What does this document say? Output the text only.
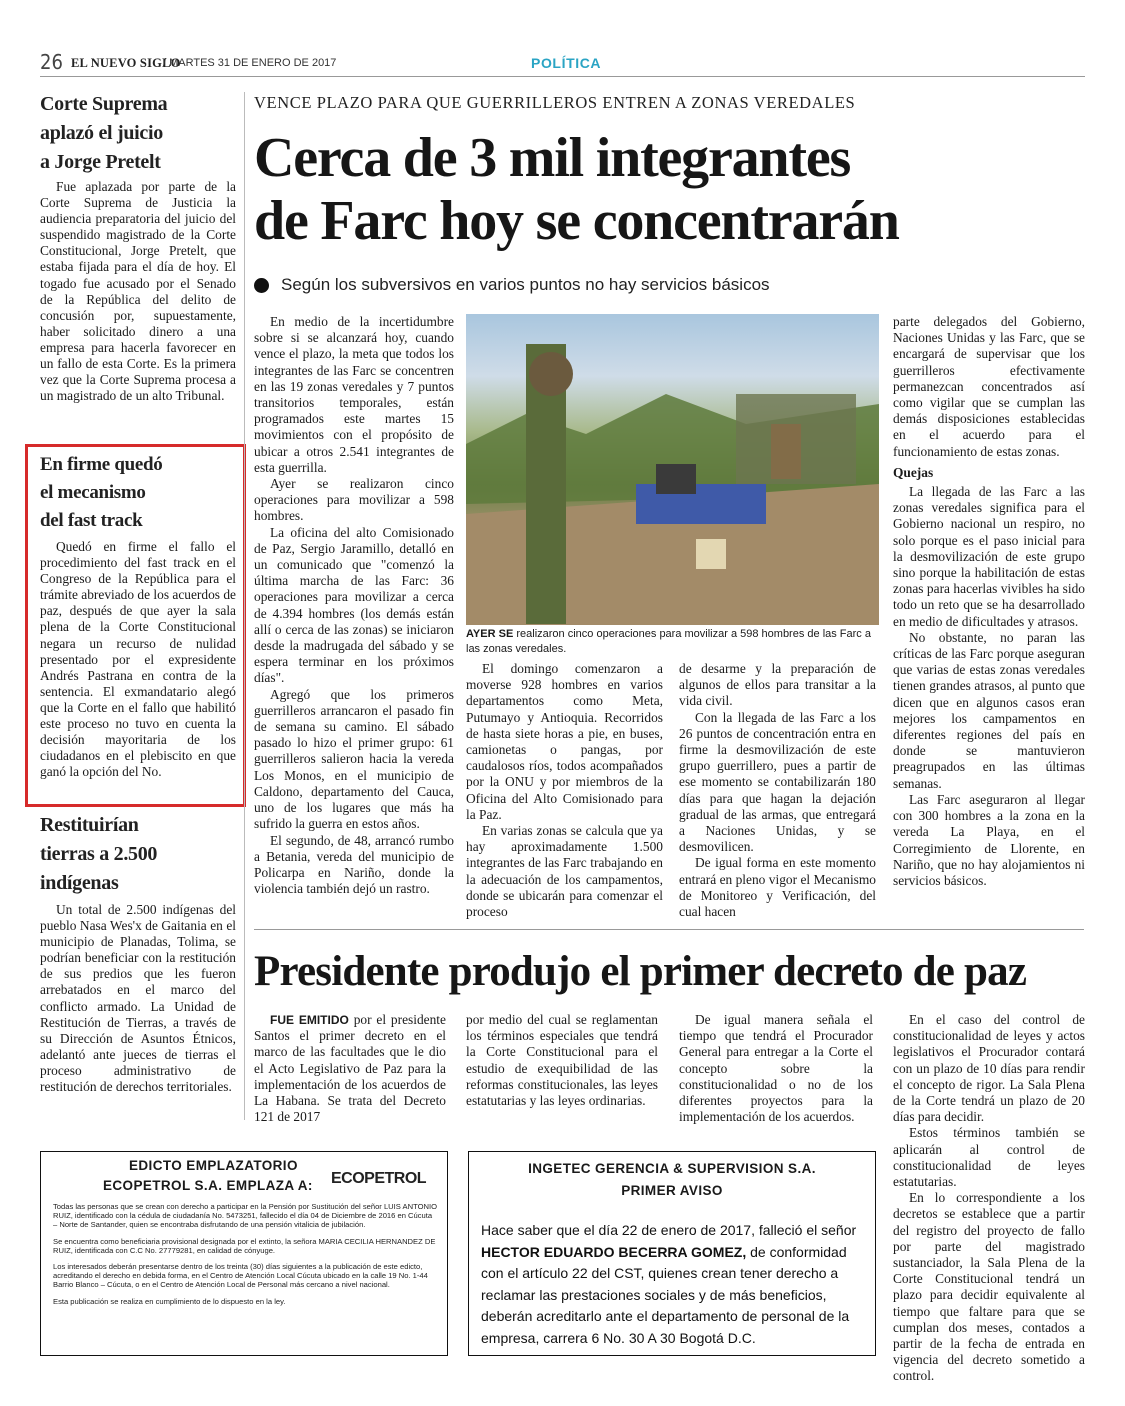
26 EL NUEVO SIGLO
/ MARTES 31 DE ENERO DE 2017	POLÍTICA
Corte Suprema
aplazó el juicio
a Jorge Pretelt

Fue aplazada por parte de la Corte Suprema de Justicia la audiencia preparatoria del juicio del suspendido magistrado de la Corte Constitucional, Jorge Pretelt, que estaba fijada para el día de hoy. El togado fue acusado por el Senado de la República del delito de concusión por, supuestamente, haber solicitado dinero a una empresa para hacerla favorecer en un fallo de esta Corte. Es la primera vez que la Corte Suprema procesa a un magistrado de un alto Tribunal.

En firme quedó
el mecanismo
del fast track

Quedó en firme el fallo el procedimiento del fast track en el Congreso de la República para el trámite abreviado de los acuerdos de paz, después de que ayer la sala plena de la Corte Constitucional negara un recurso de nulidad presentado por el expresidente Andrés Pastrana en contra de la sentencia. El exmandatario alegó que la Corte en el fallo que habilitó este proceso no tuvo en cuenta la decisión mayoritaria de los ciudadanos en el plebiscito en que ganó la opción del No.

Restituirían
tierras a 2.500
indígenas

Un total de 2.500 indígenas del pueblo Nasa Wes'x de Gaitania en el municipio de Planadas, Tolima, se podrían beneficiar con la restitución de sus predios que les fueron arrebatados en el marco del conflicto armado. La Unidad de Restitución de Tierras, a través de su Dirección de Asuntos Étnicos, adelantó ante jueces de tierras el proceso administrativo de restitución de derechos territoriales.

VENCE PLAZO PARA QUE GUERRILLEROS ENTREN A ZONAS VEREDALES
Cerca de 3 mil integrantes
de Farc hoy se concentrarán
Según los subversivos en varios puntos no hay servicios básicos

En medio de la incertidumbre sobre si se alcanzará hoy, cuando vence el plazo, la meta que todos los integrantes de las Farc se concentren en las 19 zonas veredales y 7 puntos transitorios temporales, están programados este martes 15 movimientos con el propósito de ubicar a otros 2.541 integrantes de esta guerrilla.

Ayer se realizaron cinco operaciones para movilizar a 598 hombres.

La oficina del alto Comisionado de Paz, Sergio Jaramillo, detalló en un comunicado que "comenzó la última marcha de las Farc: 36 operaciones para movilizar a cerca de 4.394 hombres (los demás están allí o cerca de las zonas) se iniciaron desde la madrugada del sábado y se espera terminar en los próximos días".

Agregó que los primeros guerrilleros arrancaron el pasado fin de semana su camino. El sábado pasado lo hizo el primer grupo: 61 guerrilleros salieron hacia la vereda Los Monos, en el municipio de Caldono, departamento del Cauca, uno de los lugares que más ha sufrido la guerra en estos años.

El segundo, de 48, arrancó rumbo a Betania, vereda del municipio de Policarpa en Nariño, donde la violencia también dejó un rastro.

AYER SE realizaron cinco operaciones para movilizar a 598 hombres de las Farc a las zonas veredales.

El domingo comenzaron a moverse 928 hombres en varios departamentos como Meta, Putumayo y Antioquia. Recorridos de hasta siete horas a pie, en buses, camionetas o pangas, por caudalosos ríos, todos acompañados por la ONU y por miembros de la Oficina del Alto Comisionado para la Paz.

En varias zonas se calcula que ya hay aproximadamente 1.500 integrantes de las Farc trabajando en la adecuación de los campamentos, donde se ubicarán para comenzar el proceso

de desarme y la preparación de algunos de ellos para transitar a la vida civil.

Con la llegada de las Farc a los 26 puntos de concentración entra en firme la desmovilización de este grupo guerrillero, pues a partir de ese momento se contabilizarán 180 días para que hagan la dejación gradual de las armas, que entregará a Naciones Unidas, y se desmovilicen.

De igual forma en este momento entrará en pleno vigor el Mecanismo de Monitoreo y Verificación, del cual hacen

parte delegados del Gobierno, Naciones Unidas y las Farc, que se encargará de supervisar que los guerrilleros efectivamente permanezcan concentrados así como vigilar que se cumplan las demás disposiciones establecidas en el acuerdo para el funcionamiento de estas zonas.

Quejas

La llegada de las Farc a las zonas veredales significa para el Gobierno nacional un respiro, no solo porque es el paso inicial para la desmovilización de este grupo sino porque la habilitación de estas zonas para hacerlas vivibles ha sido todo un reto que se ha desarrollado en medio de dificultades y atrasos.

No obstante, no paran las críticas de las Farc porque aseguran que varias de estas zonas veredales tienen grandes atrasos, al punto que dicen que en algunos casos eran mejores los campamentos en diferentes regiones del país en donde se mantuvieron preagrupados en las últimas semanas.

Las Farc aseguraron al llegar con 300 hombres a la zona en la vereda La Playa, en el Corregimiento de Llorente, en Nariño, que no hay alojamientos ni servicios básicos.

Presidente produjo el primer decreto de paz

FUE EMITIDO por el presidente Santos el primer decreto en el marco de las facultades que le dio el Acto Legislativo de Paz para la implementación de los acuerdos de La Habana. Se trata del Decreto 121 de 2017

por medio del cual se reglamentan los términos especiales que tendrá la Corte Constitucional para el estudio de exequibilidad de las reformas constitucionales, las leyes estatutarias y las leyes ordinarias.

De igual manera señala el tiempo que tendrá el Procurador General para entregar a la Corte el concepto sobre la constitucionalidad o no de los diferentes proyectos para la implementación de los acuerdos.

En el caso del control de constitucionalidad de leyes y actos legislativos el Procurador contará con un plazo de 10 días para rendir el concepto de rigor. La Sala Plena de la Corte tendrá un plazo de 20 días para decidir.

Estos términos también se aplicarán al control de constitucionalidad de leyes estatutarias.

En lo correspondiente a los decretos se establece que a partir del registro del proyecto de fallo por parte del magistrado sustanciador, la Sala Plena de la Corte Constitucional tendrá un plazo para decidir equivalente al tiempo que faltare para que se cumplan dos meses, contados a partir de la fecha de entrada en vigencia del decreto sometido a control.

EDICTO EMPLAZATORIO
ECOPETROL S.A. EMPLAZA A: ECOPETROL

Todas las personas que se crean con derecho a participar en la Pensión por Sustitución del señor LUIS ANTONIO RUIZ, identificado con la cédula de ciudadanía No. 5473251, fallecido el día 04 de Diciembre de 2016 en Cúcuta – Norte de Santander, quien se encontraba disfrutando de una pensión vitalicia de jubilación.

Se encuentra como beneficiaria provisional designada por el extinto, la señora MARIA CECILIA HERNANDEZ DE RUIZ, identificada con C.C No. 27779281, en calidad de cónyuge.

Los interesados deberán presentarse dentro de los treinta (30) días siguientes a la publicación de este edicto, acreditando el derecho en debida forma, en el Centro de Atención Local Cúcuta ubicado en la calle 19 No. 1-44 Barrio Blanco – Cúcuta, o en el Centro de Atención Local de Personal más cercano a nivel nacional.

Esta publicación se realiza en cumplimiento de lo dispuesto en la ley.

INGETEC GERENCIA & SUPERVISION S.A.
PRIMER AVISO
Hace saber que el día 22 de enero de 2017, falleció el señor HECTOR EDUARDO BECERRA GOMEZ, de conformidad con el artículo 22 del CST, quienes crean tener derecho a reclamar las prestaciones sociales y de más beneficios, deberán acreditarlo ante el departamento de personal de la empresa, carrera 6 No. 30 A 30 Bogotá D.C.
